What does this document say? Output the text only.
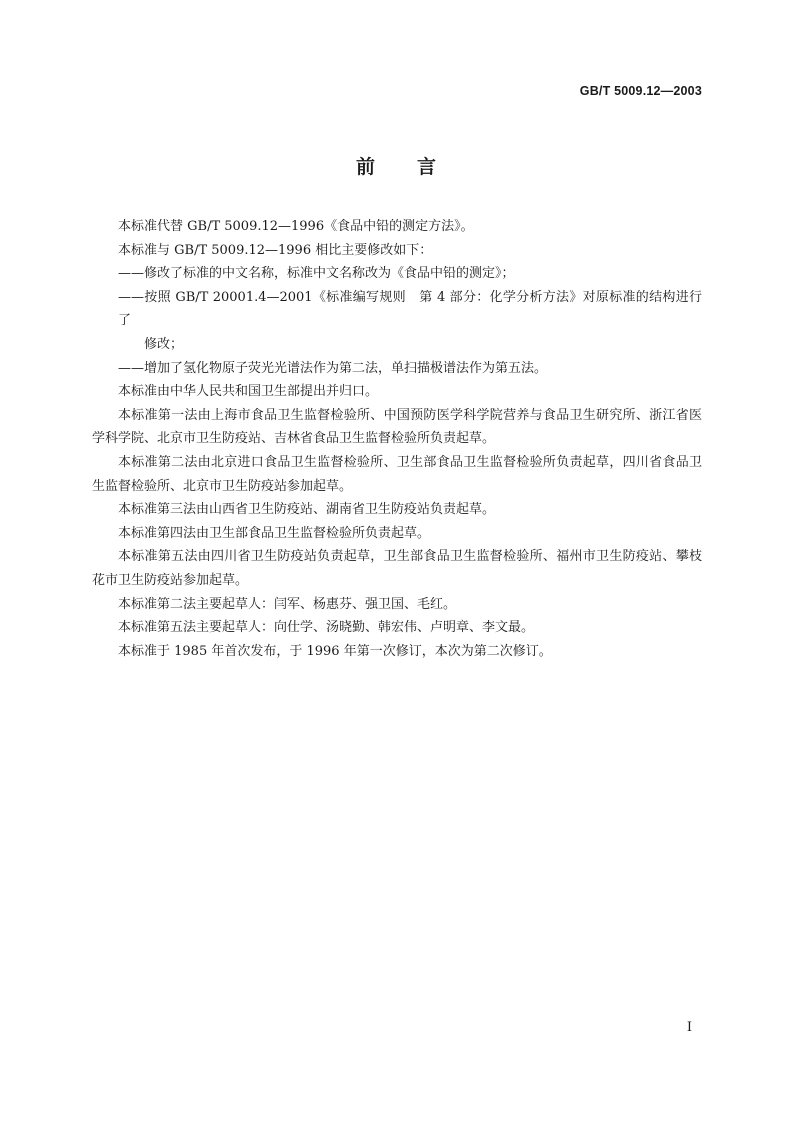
GB/T 5009.12—2003
前 言

本标准代替 GB/T 5009.12—1996《食品中铅的测定方法》。

本标准与 GB/T 5009.12—1996 相比主要修改如下：

——修改了标准的中文名称，标准中文名称改为《食品中铅的测定》；

——按照 GB/T 20001.4—2001《标准编写规则　第 4 部分：化学分析方法》对原标准的结构进行了
修改；

——增加了氢化物原子荧光光谱法作为第二法，单扫描极谱法作为第五法。

本标准由中华人民共和国卫生部提出并归口。

本标准第一法由上海市食品卫生监督检验所、中国预防医学科学院营养与食品卫生研究所、浙江省医学科学院、北京市卫生防疫站、吉林省食品卫生监督检验所负责起草。

本标准第二法由北京进口食品卫生监督检验所、卫生部食品卫生监督检验所负责起草，四川省食品卫生监督检验所、北京市卫生防疫站参加起草。

本标准第三法由山西省卫生防疫站、湖南省卫生防疫站负责起草。

本标准第四法由卫生部食品卫生监督检验所负责起草。

本标准第五法由四川省卫生防疫站负责起草，卫生部食品卫生监督检验所、福州市卫生防疫站、攀枝花市卫生防疫站参加起草。

本标准第二法主要起草人：闫军、杨惠芬、强卫国、毛红。

本标准第五法主要起草人：向仕学、汤晓勤、韩宏伟、卢明章、李文最。

本标准于 1985 年首次发布，于 1996 年第一次修订，本次为第二次修订。

I
